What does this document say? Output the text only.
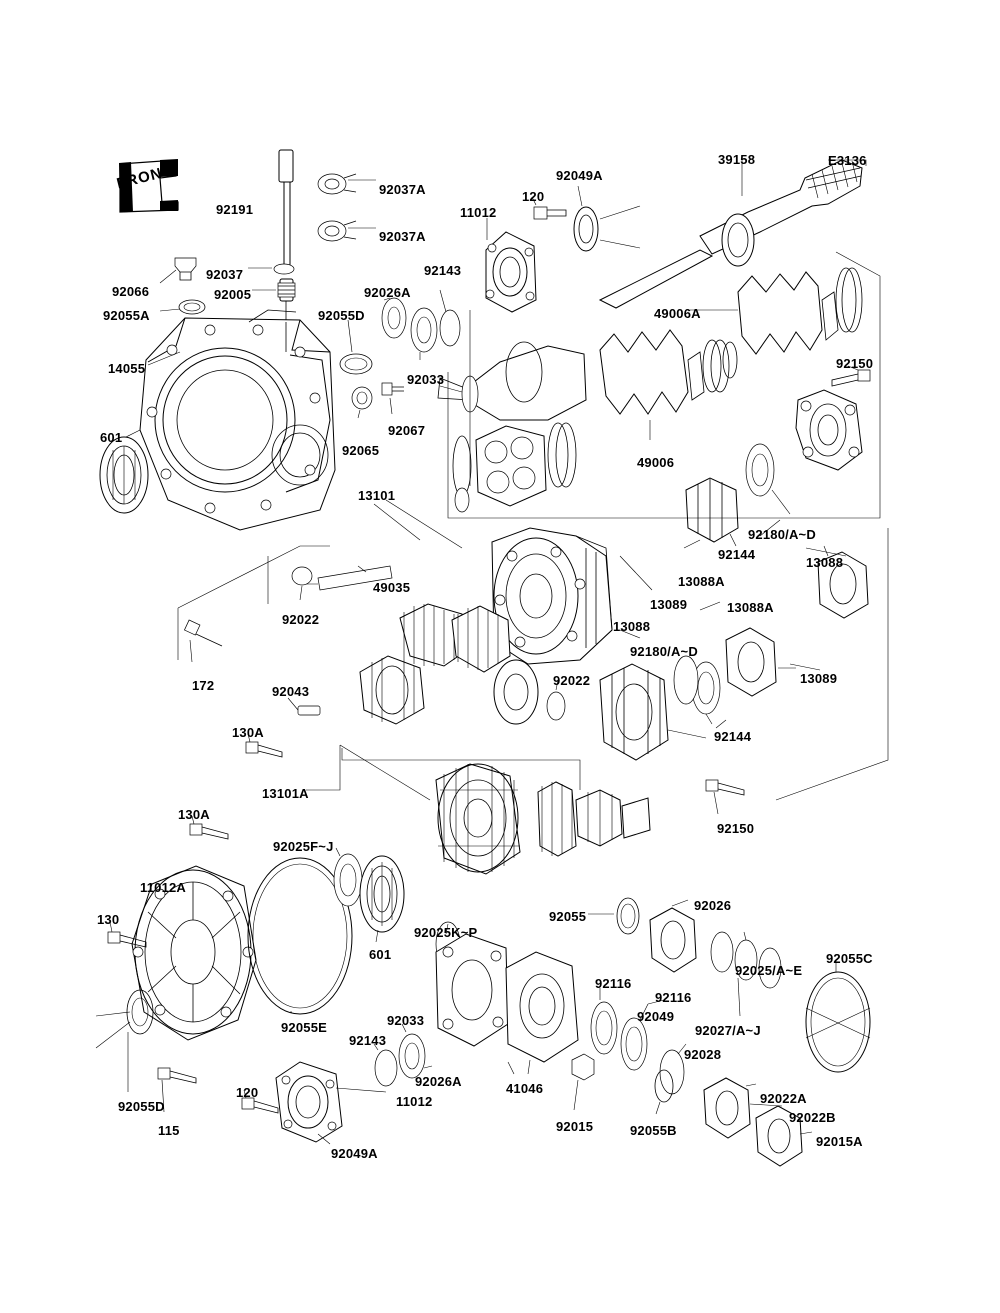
FRONT
92191
92037A
92037A
11012
120
92049A
39158	E3136
92037
92066	92005
92055A
92026A
92055D
92143
49006A
92150
14055
92033
92067
601
92065
49006
92180/A~D
13101
92144
13088
13088A
49035
92022
13089	13088A
13088
92180/A~D
92022	13089
92043
172
92144
130A
13101A
92150
130A
92025F~J
11012A
92025K~P
92055
92026
130
601
92025/A~E
92055C
92116
92116
92049
92027/A~J
92055E	92033
92143
92028
92055D
120	41046
92026A
11012	92022A
92022B
115	92015	92055B
92015A
92049A
